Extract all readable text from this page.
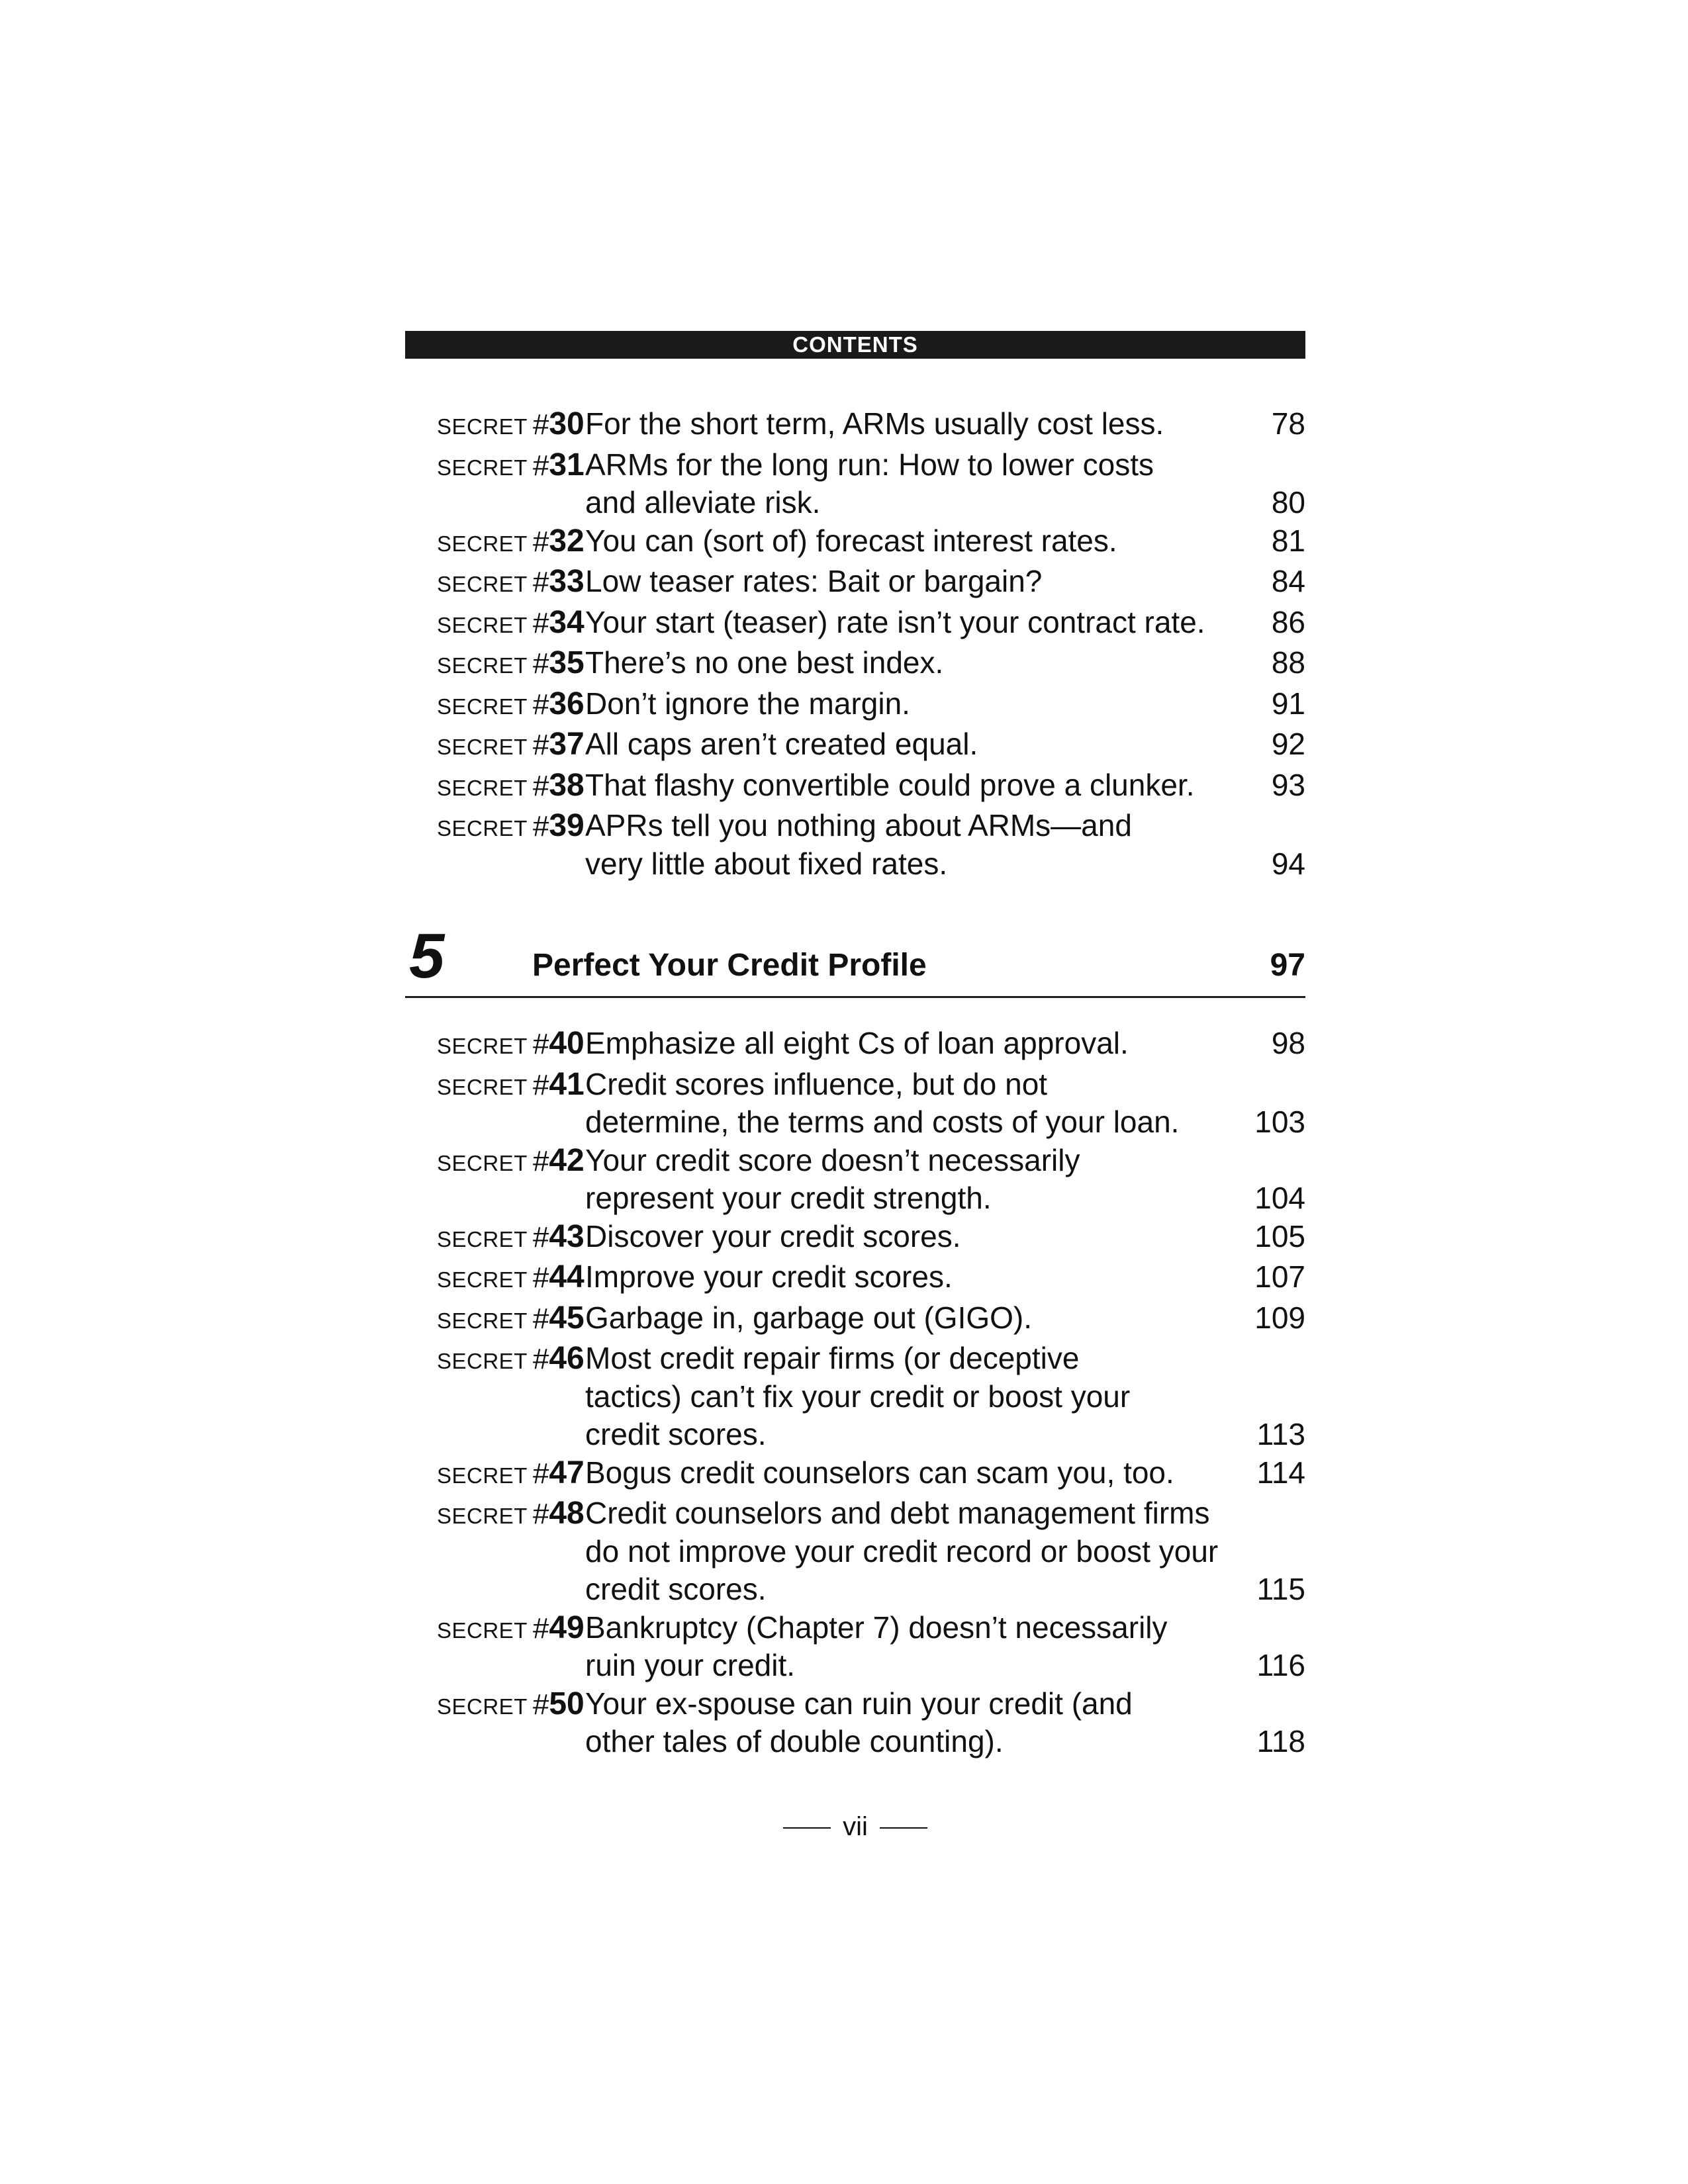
CONTENTS
SECRET #30 For the short term, ARMs usually cost less.	78
SECRET #31 ARMs for the long run: How to lower costs and alleviate risk.	80
SECRET #32 You can (sort of) forecast interest rates.	81
SECRET #33 Low teaser rates: Bait or bargain?	84
SECRET #34 Your start (teaser) rate isn’t your contract rate.	86
SECRET #35 There’s no one best index.	88
SECRET #36 Don’t ignore the margin.	91
SECRET #37 All caps aren’t created equal.	92
SECRET #38 That flashy convertible could prove a clunker.	93
SECRET #39 APRs tell you nothing about ARMs—and very little about fixed rates.	94
5	Perfect Your Credit Profile	97
SECRET #40 Emphasize all eight Cs of loan approval.	98
SECRET #41 Credit scores influence, but do not determine, the terms and costs of your loan.	103
SECRET #42 Your credit score doesn’t necessarily represent your credit strength.	104
SECRET #43 Discover your credit scores.	105
SECRET #44 Improve your credit scores.	107
SECRET #45 Garbage in, garbage out (GIGO).	109
SECRET #46 Most credit repair firms (or deceptive tactics) can’t fix your credit or boost your credit scores.	113
SECRET #47 Bogus credit counselors can scam you, too.	114
SECRET #48 Credit counselors and debt management firms do not improve your credit record or boost your credit scores.	115
SECRET #49 Bankruptcy (Chapter 7) doesn’t necessarily ruin your credit.	116
SECRET #50 Your ex-spouse can ruin your credit (and other tales of double counting).	118
vii
